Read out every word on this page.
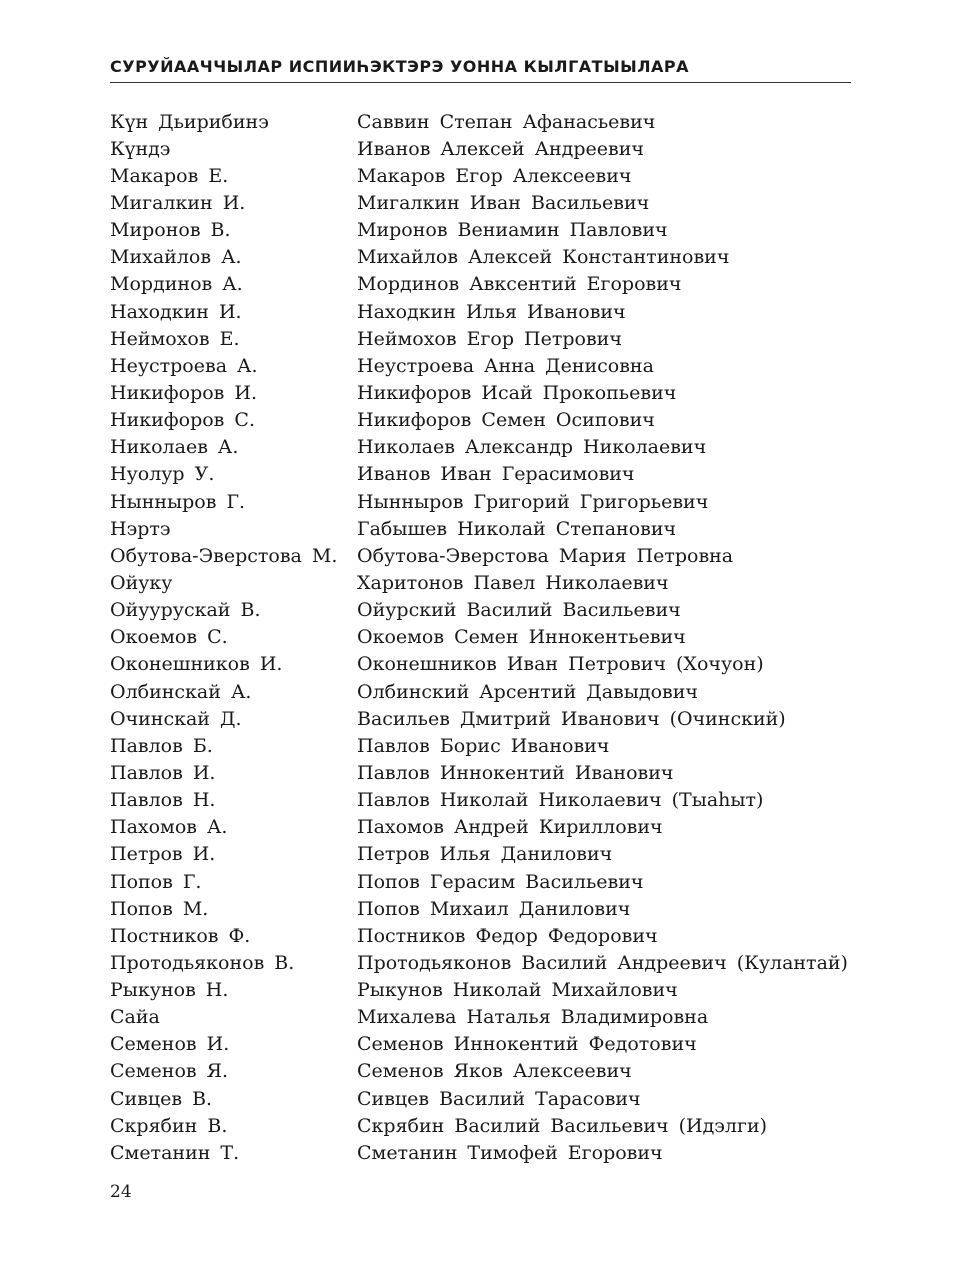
СУРУЙААЧЧЫЛАР ИСПИИҺЭКТЭРЭ УОННА КЫЛГАТЫЫЛАРА
Күн Дьирибинэ	Саввин Степан Афанасьевич
Күндэ	Иванов Алексей Андреевич
Макаров Е.	Макаров Егор Алексеевич
Мигалкин И.	Мигалкин Иван Васильевич
Миронов В.	Миронов Вениамин Павлович
Михайлов А.	Михайлов Алексей Константинович
Мординов А.	Мординов Авксентий Егорович
Находкин И.	Находкин Илья Иванович
Неймохов Е.	Неймохов Егор Петрович
Неустроева А.	Неустроева Анна Денисовна
Никифоров И.	Никифоров Исай Прокопьевич
Никифоров С.	Никифоров Семен Осипович
Николаев А.	Николаев Александр Николаевич
Нуолур У.	Иванов Иван Герасимович
Нынныров Г.	Нынныров Григорий Григорьевич
Нэртэ	Габышев Николай Степанович
Обутова-Эверстова М.	Обутова-Эверстова Мария Петровна
Ойуку	Харитонов Павел Николаевич
Ойуурускай В.	Ойурский Василий Васильевич
Окоемов С.	Окоемов Семен Иннокентьевич
Оконешников И.	Оконешников Иван Петрович (Хочуон)
Олбинскай А.	Олбинский Арсентий Давыдович
Очинскай Д.	Васильев Дмитрий Иванович (Очинский)
Павлов Б.	Павлов Борис Иванович
Павлов И.	Павлов Иннокентий Иванович
Павлов Н.	Павлов Николай Николаевич (Тыаһыт)
Пахомов А.	Пахомов Андрей Кириллович
Петров И.	Петров Илья Данилович
Попов Г.	Попов Герасим Васильевич
Попов М.	Попов Михаил Данилович
Постников Ф.	Постников Федор Федорович
Протодьяконов В.	Протодьяконов Василий Андреевич (Кулантай)
Рыкунов Н.	Рыкунов Николай Михайлович
Сайа	Михалева Наталья Владимировна
Семенов И.	Семенов Иннокентий Федотович
Семенов Я.	Семенов Яков Алексеевич
Сивцев В.	Сивцев Василий Тарасович
Скрябин В.	Скрябин Василий Васильевич (Идэлги)
Сметанин Т.	Сметанин Тимофей Егорович
24
